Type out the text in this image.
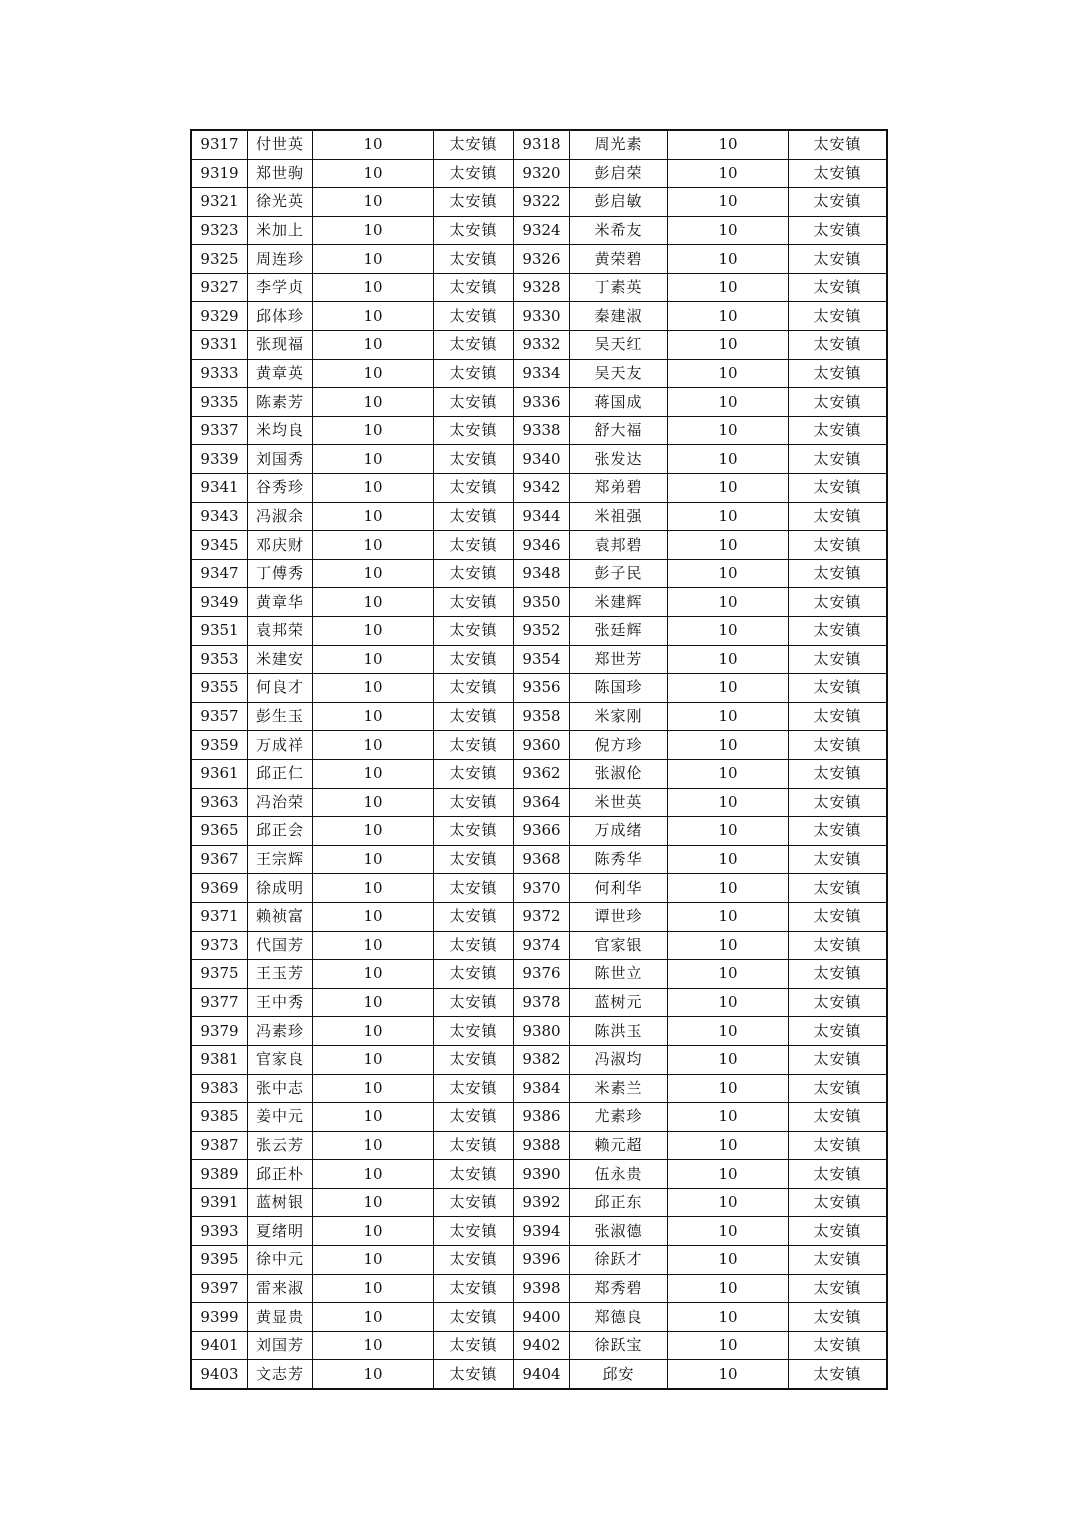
9317	付世英	10	太安镇	9318	周光素	10	太安镇
9319	郑世驹	10	太安镇	9320	彭启荣	10	太安镇
9321	徐光英	10	太安镇	9322	彭启敏	10	太安镇
9323	米加上	10	太安镇	9324	米希友	10	太安镇
9325	周连珍	10	太安镇	9326	黄荣碧	10	太安镇
9327	李学贞	10	太安镇	9328	丁素英	10	太安镇
9329	邱体珍	10	太安镇	9330	秦建淑	10	太安镇
9331	张现福	10	太安镇	9332	吴天红	10	太安镇
9333	黄章英	10	太安镇	9334	吴天友	10	太安镇
9335	陈素芳	10	太安镇	9336	蒋国成	10	太安镇
9337	米均良	10	太安镇	9338	舒大福	10	太安镇
9339	刘国秀	10	太安镇	9340	张发达	10	太安镇
9341	谷秀珍	10	太安镇	9342	郑弟碧	10	太安镇
9343	冯淑余	10	太安镇	9344	米祖强	10	太安镇
9345	邓庆财	10	太安镇	9346	袁邦碧	10	太安镇
9347	丁傅秀	10	太安镇	9348	彭子民	10	太安镇
9349	黄章华	10	太安镇	9350	米建辉	10	太安镇
9351	袁邦荣	10	太安镇	9352	张廷辉	10	太安镇
9353	米建安	10	太安镇	9354	郑世芳	10	太安镇
9355	何良才	10	太安镇	9356	陈国珍	10	太安镇
9357	彭生玉	10	太安镇	9358	米家刚	10	太安镇
9359	万成祥	10	太安镇	9360	倪方珍	10	太安镇
9361	邱正仁	10	太安镇	9362	张淑伦	10	太安镇
9363	冯治荣	10	太安镇	9364	米世英	10	太安镇
9365	邱正会	10	太安镇	9366	万成绪	10	太安镇
9367	王宗辉	10	太安镇	9368	陈秀华	10	太安镇
9369	徐成明	10	太安镇	9370	何利华	10	太安镇
9371	赖祯富	10	太安镇	9372	谭世珍	10	太安镇
9373	代国芳	10	太安镇	9374	官家银	10	太安镇
9375	王玉芳	10	太安镇	9376	陈世立	10	太安镇
9377	王中秀	10	太安镇	9378	蓝树元	10	太安镇
9379	冯素珍	10	太安镇	9380	陈洪玉	10	太安镇
9381	官家良	10	太安镇	9382	冯淑均	10	太安镇
9383	张中志	10	太安镇	9384	米素兰	10	太安镇
9385	姜中元	10	太安镇	9386	尤素珍	10	太安镇
9387	张云芳	10	太安镇	9388	赖元超	10	太安镇
9389	邱正朴	10	太安镇	9390	伍永贵	10	太安镇
9391	蓝树银	10	太安镇	9392	邱正东	10	太安镇
9393	夏绪明	10	太安镇	9394	张淑德	10	太安镇
9395	徐中元	10	太安镇	9396	徐跃才	10	太安镇
9397	雷来淑	10	太安镇	9398	郑秀碧	10	太安镇
9399	黄显贵	10	太安镇	9400	郑德良	10	太安镇
9401	刘国芳	10	太安镇	9402	徐跃宝	10	太安镇
9403	文志芳	10	太安镇	9404	邱安	10	太安镇
